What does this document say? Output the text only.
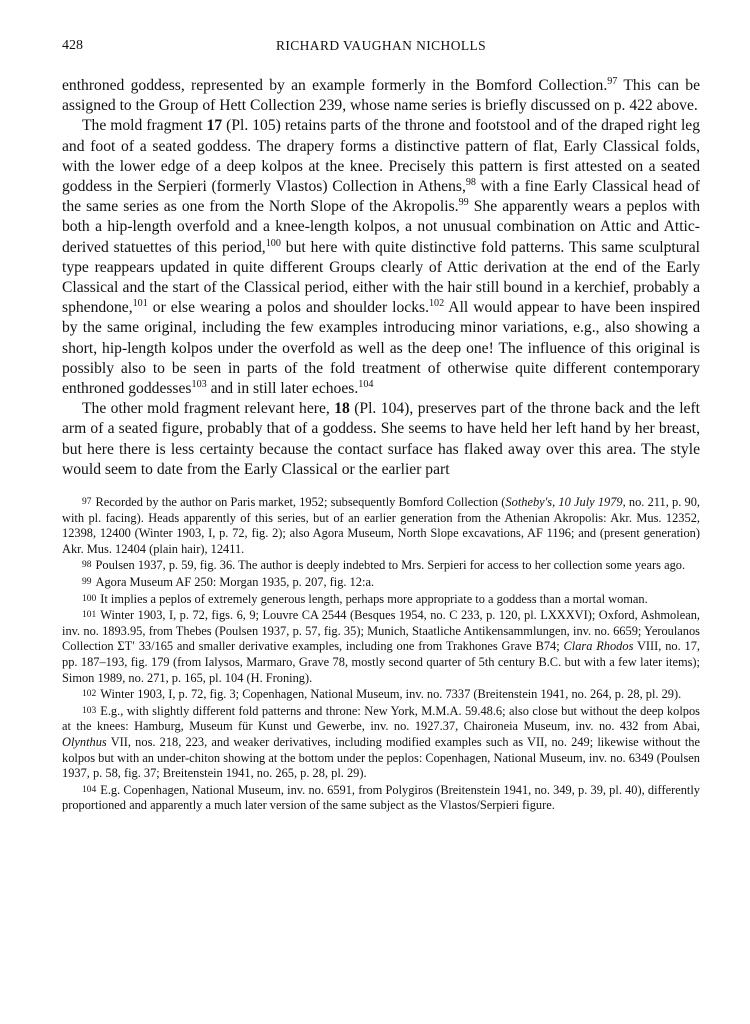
428	RICHARD VAUGHAN NICHOLLS

enthroned goddess, represented by an example formerly in the Bomford Collection.$^{97}$ This can be assigned to the Group of Hett Collection 239, whose name series is briefly discussed on p. 422 above.

The mold fragment 17 (Pl. 105) retains parts of the throne and footstool and of the draped right leg and foot of a seated goddess. The drapery forms a distinctive pattern of flat, Early Classical folds, with the lower edge of a deep kolpos at the knee. Precisely this pattern is first attested on a seated goddess in the Serpieri (formerly Vlastos) Collection in Athens,$^{98}$ with a fine Early Classical head of the same series as one from the North Slope of the Akropolis.$^{99}$ She apparently wears a peplos with both a hip-length overfold and a knee-length kolpos, a not unusual combination on Attic and Attic-derived statuettes of this period,$^{100}$ but here with quite distinctive fold patterns. This same sculptural type reappears updated in quite different Groups clearly of Attic derivation at the end of the Early Classical and the start of the Classical period, either with the hair still bound in a kerchief, probably a sphendone,$^{101}$ or else wearing a polos and shoulder locks.$^{102}$ All would appear to have been inspired by the same original, including the few examples introducing minor variations, e.g., also showing a short, hip-length kolpos under the overfold as well as the deep one! The influence of this original is possibly also to be seen in parts of the fold treatment of otherwise quite different contemporary enthroned goddesses$^{103}$ and in still later echoes.$^{104}$

The other mold fragment relevant here, 18 (Pl. 104), preserves part of the throne back and the left arm of a seated figure, probably that of a goddess. She seems to have held her left hand by her breast, but here there is less certainty because the contact surface has flaked away over this area. The style would seem to date from the Early Classical or the earlier part

97 Recorded by the author on Paris market, 1952; subsequently Bomford Collection (Sotheby's, 10 July 1979, no. 211, p. 90, with pl. facing). Heads apparently of this series, but of an earlier generation from the Athenian Akropolis: Akr. Mus. 12352, 12398, 12400 (Winter 1903, I, p. 72, fig. 2); also Agora Museum, North Slope excavations, AF 1196; and (present generation) Akr. Mus. 12404 (plain hair), 12411.

98 Poulsen 1937, p. 59, fig. 36. The author is deeply indebted to Mrs. Serpieri for access to her collection some years ago.

99 Agora Museum AF 250: Morgan 1935, p. 207, fig. 12:a.

100 It implies a peplos of extremely generous length, perhaps more appropriate to a goddess than a mortal woman.

101 Winter 1903, I, p. 72, figs. 6, 9; Louvre CA 2544 (Besques 1954, no. C 233, p. 120, pl. LXXXVI); Oxford, Ashmolean, inv. no. 1893.95, from Thebes (Poulsen 1937, p. 57, fig. 35); Munich, Staatliche Antikensammlungen, inv. no. 6659; Yeroulanos Collection ΣΤ′ 33/165 and smaller derivative examples, including one from Trakhones Grave B74; Clara Rhodos VIII, no. 17, pp. 187–193, fig. 179 (from Ialysos, Marmaro, Grave 78, mostly second quarter of 5th century B.C. but with a few later items); Simon 1989, no. 271, p. 165, pl. 104 (H. Froning).

102 Winter 1903, I, p. 72, fig. 3; Copenhagen, National Museum, inv. no. 7337 (Breitenstein 1941, no. 264, p. 28, pl. 29).

103 E.g., with slightly different fold patterns and throne: New York, M.M.A. 59.48.6; also close but without the deep kolpos at the knees: Hamburg, Museum für Kunst und Gewerbe, inv. no. 1927.37, Chaironeia Museum, inv. no. 432 from Abai, Olynthus VII, nos. 218, 223, and weaker derivatives, including modified examples such as VII, no. 249; likewise without the kolpos but with an under-chiton showing at the bottom under the peplos: Copenhagen, National Museum, inv. no. 6349 (Poulsen 1937, p. 58, fig. 37; Breitenstein 1941, no. 265, p. 28, pl. 29).

104 E.g. Copenhagen, National Museum, inv. no. 6591, from Polygiros (Breitenstein 1941, no. 349, p. 39, pl. 40), differently proportioned and apparently a much later version of the same subject as the Vlastos/Serpieri figure.
